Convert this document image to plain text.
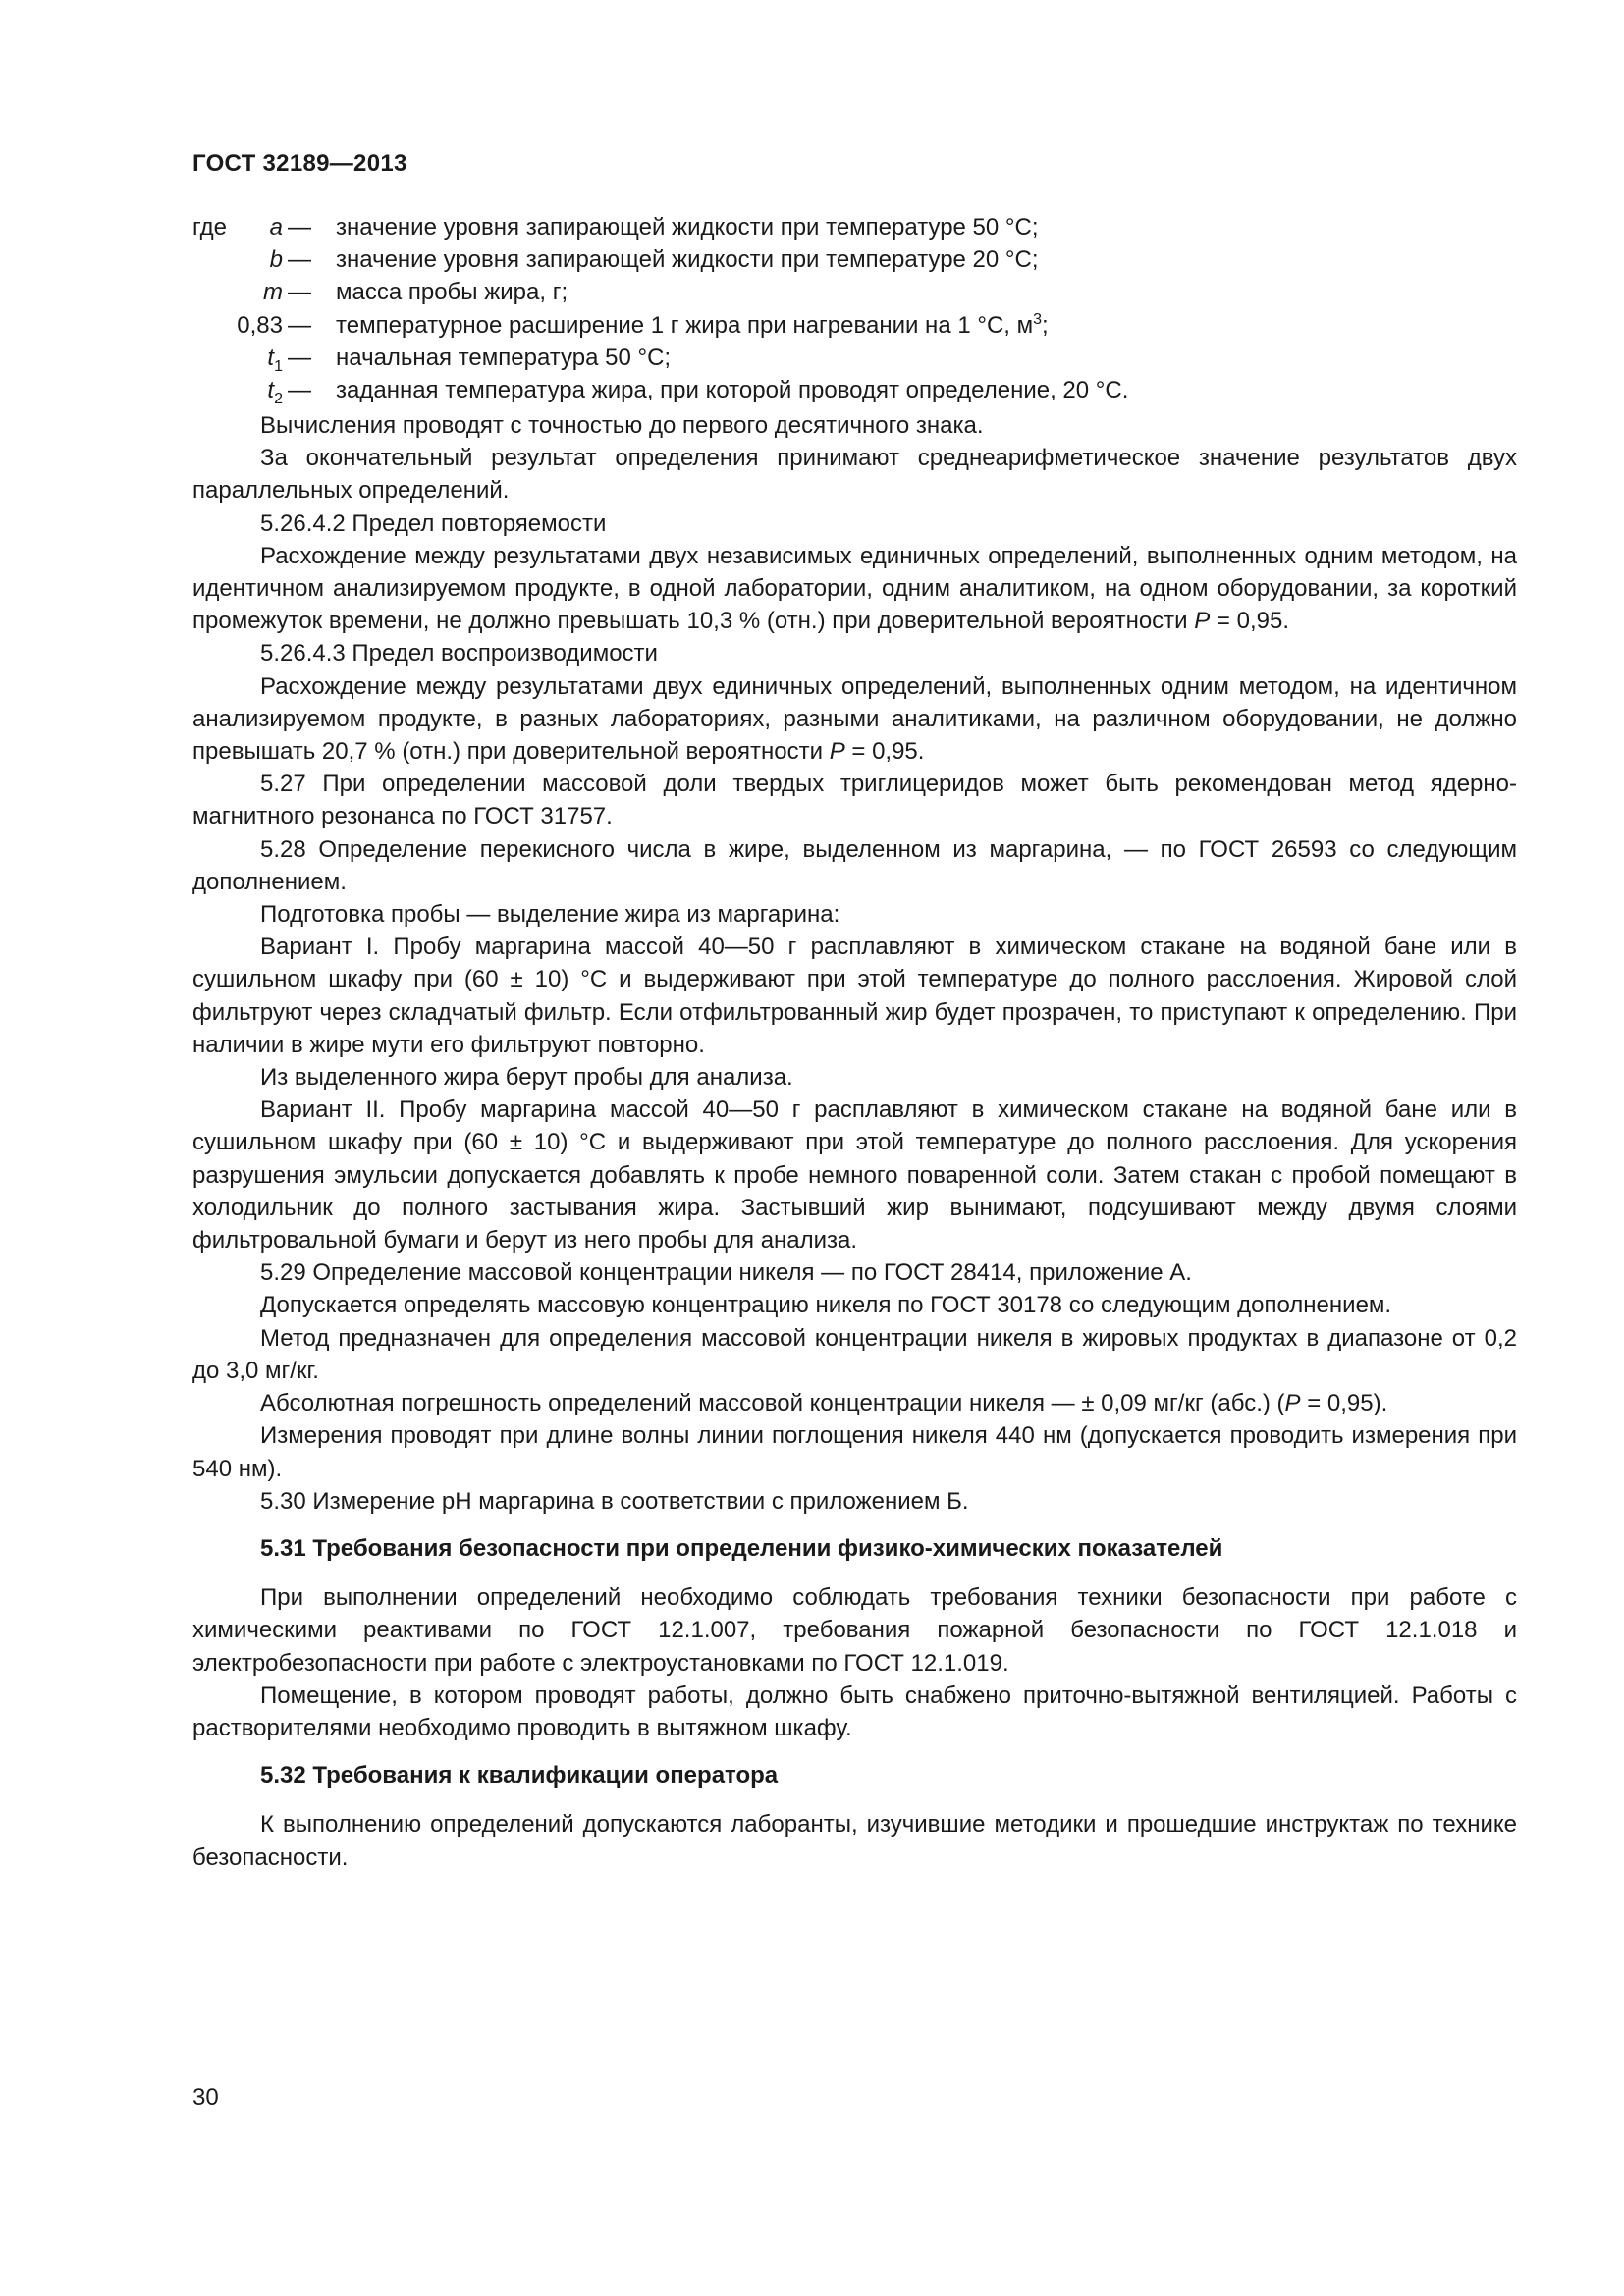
ГОСТ 32189—2013
где a — значение уровня запирающей жидкости при температуре 50 °С;
b — значение уровня запирающей жидкости при температуре 20 °С;
m — масса пробы жира, г;
0,83 — температурное расширение 1 г жира при нагревании на 1 °С, $м^3$;
$t_1$ — начальная температура 50 °С;
$t_2$ — заданная температура жира, при которой проводят определение, 20 °С.

Вычисления проводят с точностью до первого десятичного знака.

За окончательный результат определения принимают среднеарифметическое значение результатов двух параллельных определений.

5.26.4.2 Предел повторяемости

Расхождение между результатами двух независимых единичных определений, выполненных одним методом, на идентичном анализируемом продукте, в одной лаборатории, одним аналитиком, на одном оборудовании, за короткий промежуток времени, не должно превышать 10,3 % (отн.) при доверительной вероятности P = 0,95.

5.26.4.3 Предел воспроизводимости

Расхождение между результатами двух единичных определений, выполненных одним методом, на идентичном анализируемом продукте, в разных лабораториях, разными аналитиками, на различном оборудовании, не должно превышать 20,7 % (отн.) при доверительной вероятности P = 0,95.

5.27 При определении массовой доли твердых триглицеридов может быть рекомендован метод ядерно-магнитного резонанса по ГОСТ 31757.

5.28 Определение перекисного числа в жире, выделенном из маргарина, — по ГОСТ 26593 со следующим дополнением.

Подготовка пробы — выделение жира из маргарина:

Вариант I. Пробу маргарина массой 40—50 г расплавляют в химическом стакане на водяной бане или в сушильном шкафу при (60 ± 10) °С и выдерживают при этой температуре до полного расслоения. Жировой слой фильтруют через складчатый фильтр. Если отфильтрованный жир будет прозрачен, то приступают к определению. При наличии в жире мути его фильтруют повторно.

Из выделенного жира берут пробы для анализа.

Вариант II. Пробу маргарина массой 40—50 г расплавляют в химическом стакане на водяной бане или в сушильном шкафу при (60 ± 10) °С и выдерживают при этой температуре до полного расслоения. Для ускорения разрушения эмульсии допускается добавлять к пробе немного поваренной соли. Затем стакан с пробой помещают в холодильник до полного застывания жира. Застывший жир вынимают, подсушивают между двумя слоями фильтровальной бумаги и берут из него пробы для анализа.

5.29 Определение массовой концентрации никеля — по ГОСТ 28414, приложение А.

Допускается определять массовую концентрацию никеля по ГОСТ 30178 со следующим дополнением.

Метод предназначен для определения массовой концентрации никеля в жировых продуктах в диапазоне от 0,2 до 3,0 мг/кг.

Абсолютная погрешность определений массовой концентрации никеля — ± 0,09 мг/кг (абс.) (P = 0,95).

Измерения проводят при длине волны линии поглощения никеля 440 нм (допускается проводить измерения при 540 нм).

5.30 Измерение pH маргарина в соответствии с приложением Б.

5.31 Требования безопасности при определении физико-химических показателей

При выполнении определений необходимо соблюдать требования техники безопасности при работе с химическими реактивами по ГОСТ 12.1.007, требования пожарной безопасности по ГОСТ 12.1.018 и электробезопасности при работе с электроустановками по ГОСТ 12.1.019.

Помещение, в котором проводят работы, должно быть снабжено приточно-вытяжной вентиляцией. Работы с растворителями необходимо проводить в вытяжном шкафу.

5.32 Требования к квалификации оператора

К выполнению определений допускаются лаборанты, изучившие методики и прошедшие инструктаж по технике безопасности.

30
